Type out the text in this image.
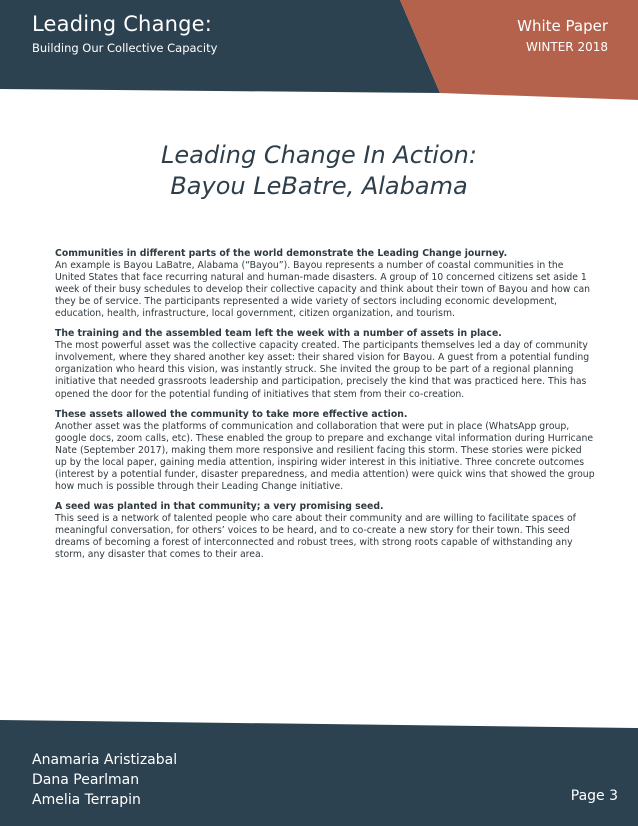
Leading Change:
Building Our Collective Capacity
White Paper
WINTER 2018
Leading Change In Action:
Bayou LeBatre, Alabama

Communities in different parts of the world demonstrate the Leading Change journey.
An example is Bayou LaBatre, Alabama (“Bayou”). Bayou represents a number of coastal communities in the United States that face recurring natural and human-made disasters. A group of 10 concerned citizens set aside 1 week of their busy schedules to develop their collective capacity and think about their town of Bayou and how can they be of service. The participants represented a wide variety of sectors including economic development, education, health, infrastructure, local government, citizen organization, and tourism.

The training and the assembled team left the week with a number of assets in place.
The most powerful asset was the collective capacity created. The participants themselves led a day of community involvement, where they shared another key asset: their shared vision for Bayou. A guest from a potential funding organization who heard this vision, was instantly struck. She invited the group to be part of a regional planning initiative that needed grassroots leadership and participation, precisely the kind that was practiced here. This has opened the door for the potential funding of initiatives that stem from their co-creation.

These assets allowed the community to take more effective action.
Another asset was the platforms of communication and collaboration that were put in place (WhatsApp group, google docs, zoom calls, etc). These enabled the group to prepare and exchange vital information during Hurricane Nate (September 2017), making them more responsive and resilient facing this storm. These stories were picked up by the local paper, gaining media attention, inspiring wider interest in this initiative. Three concrete outcomes (interest by a potential funder, disaster preparedness, and media attention) were quick wins that showed the group how much is possible through their Leading Change initiative.

A seed was planted in that community; a very promising seed.
This seed is a network of talented people who care about their community and are willing to facilitate spaces of meaningful conversation, for others’ voices to be heard, and to co-create a new story for their town. This seed dreams of becoming a forest of interconnected and robust trees, with strong roots capable of withstanding any storm, any disaster that comes to their area.

Anamaria Aristizabal
Dana Pearlman
Amelia Terrapin	Page 3
